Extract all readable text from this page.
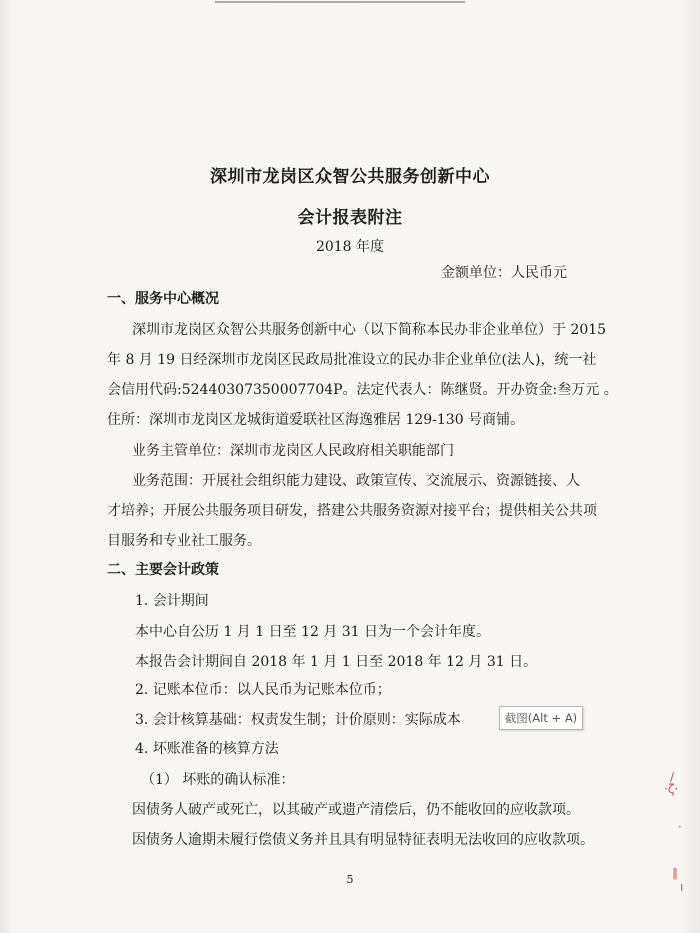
深圳市龙岗区众智公共服务创新中心
会计报表附注
2018 年度
金额单位：人民币元
一、服务中心概况
深圳市龙岗区众智公共服务创新中心（以下简称本民办非企业单位）于 2015
年 8 月 19 日经深圳市龙岗区民政局批准设立的民办非企业单位(法人)，统一社
会信用代码:52440307350007704P。法定代表人：陈继贤。开办资金:叁万元 。
住所：深圳市龙岗区龙城街道爱联社区海逸雅居 129-130 号商铺。
业务主管单位：深圳市龙岗区人民政府相关职能部门
业务范围：开展社会组织能力建设、政策宣传、交流展示、资源链接、人
才培养；开展公共服务项目研发，搭建公共服务资源对接平台；提供相关公共项
目服务和专业社工服务。
二、主要会计政策
1. 会计期间
本中心自公历 1 月 1 日至 12 月 31 日为一个会计年度。
本报告会计期间自 2018 年 1 月 1 日至 2018 年 12 月 31 日。
2. 记账本位币：以人民币为记账本位币；
3. 会计核算基础：权责发生制；计价原则：实际成本
4. 坏账准备的核算方法
（1） 坏账的确认标准：
因债务人破产或死亡，以其破产或遗产清偿后，仍不能收回的应收款项。
因债务人逾期未履行偿债义务并且具有明显特征表明无法收回的应收款项。
∕
·ζ·
·
∥
ı
截图(Alt + A)
5
